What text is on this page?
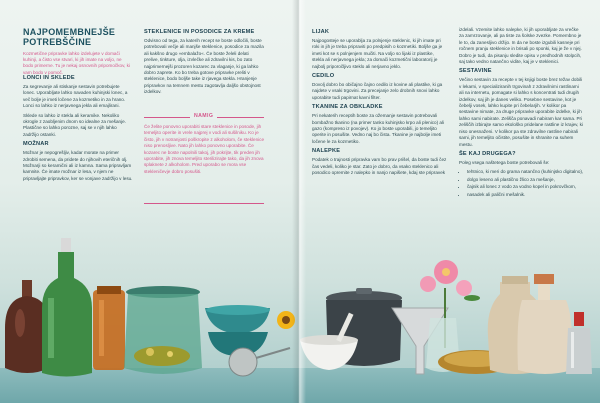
NAJPOMEMBNEJŠE POTREBŠČINE
Kozmetične pripravke lahko izdelujete v domači kuhinji, a čisto vse stvari, ki jih imate na voljo, ne bodo primerne. Tu je nekaj osnovnih pripomočkov, ki vam bodo v pomoč.
LONCI IN SKLEDE

Za segrevanje ali stiskanje sestavin potrebujete lonec. Uporabljate lahko navaden kuhinjski lonec, a več bolje je imeti ločene za kozmetiko in za hrano. Lonci so lahko iz nerjavnega jekla ali emajlirani.

Sklede so lahko iz stekla ali keramike. Nekoliko okrogle z zaobljenim dnom so idealne za mešanje. Plastične so lahko porozne, saj se v njih lahko zadržijo ostanki.

MOŽNAR

Možnar je nepogrešljiv, kadar morate na primer zdrobiti semena, da pridete do njihovih eteričnih olj. Možnarji so keramični ali iz kamna. Sama pripravljam kamnite. Če imate možnar iz lesa, v njem ne pripravljajte pripravkov, ker se vonjave zadržijo v lesu.

STEKLENICE IN POSODICE ZA KREME

Odvisno od tega, za katerih recept se boste odločili, boste potrebovali večje ali manjše steklenice, posodice za mazila ali kakšno drugo »embalažo«. Če boste želeli delati prelive, tinkture, olja, izvlečke ali zdravilni kis, bo zato najprimernejši prozoren kozarec za vlaganje, ki ga lahko dobro zaprete. Ko bo treba gotove pripravke preliti v steklenice, bodo boljše take iz rjavega stekla. Hranjenje pripravkov na temnem mestu zagotavlja daljšo obstojnost izdelkov.

NAMIG
Če želite ponovno uporabiti stare steklenice in posode, jih temeljito operite in vrele najprej v vodi ali sušilniku. Ko je čisto, jih v notranjosti poškropite z alkoholom, če steklenice niso prenosljive. Nato jih lahko ponovno uporabite. Če kozarec ne boste napolnili takoj, jih pokrijte, tik preden jih uporabite, jih znova temeljito sterilizirajte tako, da jih znova splaknete z alkoholom. Pred uporabo se mora vse stekleničevje dobro posušiti.
LIJAK

Najpogosteje se uporablja za polnjenje steklenic, ki jih imate pri roki in jih je treba pripraviti po predpisih o kozmetiki. Boljše ga je imeti kot se s polnjenjem mučiti. Na voljo so lijaki iz plastike, stekla ali nerjavnega jekla; za domači kozmetični laboratorij je najbolj priporočljivo steklo ali nerjavno jeklo.

CEDILO

Dovolj dobro bo običajno čajno cedilo iz kovine ali plastike, ki ga najdete v vsaki trgovini. Za precejanje zelo drobnih snovi lahko uporabite tudi papirnat kavni filter.

TKANINE ZA OBKLADKE

Pri nekaterih receptih boste za ožemanje sestavin potrebovali bombažno tkanino (na primer tanko kuhinjsko krpo ali plenico) ali gazo (kompreso iz povojev). Ko jo boste uporabili, jo temeljito operite in posušite. Vedno naj bo čista. Tkanine je najbolje imeti ločene le za kozmetiko.

NALEPKE

Podatek o trajnosti pripravka vam bo prav prišel, da boste tudi čez čas vedeli, koliko je star. Zato je dobro, da vsako steklenico ali posodico opremite z nalepko in nanjo napišete, kdaj ste pripravek

izdelali. Vzemite lahko nalepke, ki jih uporabljate za vrečke za zamrzovanje, ali pa tiste za šolske zvezke. Pomembno je le to, da zanesljivo držijo. In da ne boste izgubili kasneje pri ročnem pranju steklenice in brisali po sponki, kaj je že v njej. Dobro je tudi, da pisanju sledite opisu v predhodnih stolpcih, saj tako vedno natančno vidite, kaj je v steklenici.

SESTAVINE

Večino sestavin za recepte v tej knjigi boste brez težav dobili v lekarni, v specializiranih trgovinah z zdravilnimi rastlinami ali na internetu, pomagate si lahko s koncentrati tudi drugih izdelkov, saj jih je danes veliko. Posebne sestavine, kot je čebelji vosek, lahko kupite pri čebelarjih. V kolikor pa sestavine nimate, za druge pripravke uporabite izdelke, ki jih lahko sami nabirate. Zelišča ponavadi nabiram kar sama. Pri zeliščih izbirajte samo ekološko pridelane rastline iz krajev, ki niso onesnaženi. V kolikor pa ste zdravilne rastline nabirali sami, jih temeljito očistite, posušite in shranite na suhem mestu.

ŠE KAJ DRUGEGA?

Poleg vsega naštetega boste potrebovali še:

• tehtnico, ki meri do grama natančno (kuhinjsko digitalno),
• dolgo leseno ali plastično žlico za mešanje,
• čajnik ali lonec z vodo za vodno kopel in pokrovčkom,
• nasadek ali palični mešalnik.
